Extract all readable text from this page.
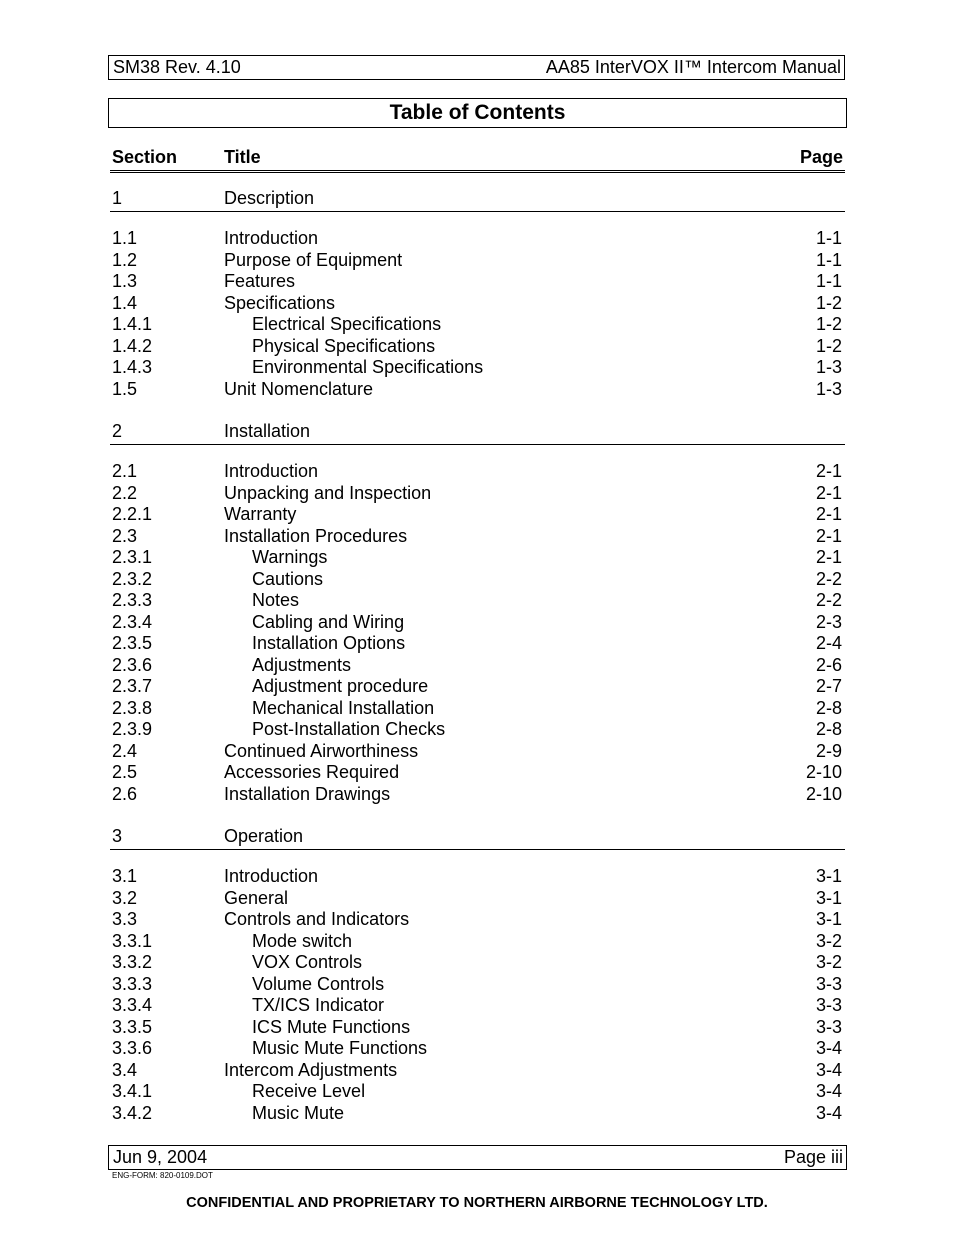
SM38 Rev. 4.10	AA85 InterVOX II™ Intercom Manual
Table of Contents
Section	Title	Page
1	Description
1.1	Introduction	1-1
1.2	Purpose of Equipment	1-1
1.3	Features	1-1
1.4	Specifications	1-2
1.4.1	Electrical Specifications	1-2
1.4.2	Physical Specifications	1-2
1.4.3	Environmental Specifications	1-3
1.5	Unit Nomenclature	1-3
2	Installation
2.1	Introduction	2-1
2.2	Unpacking and Inspection	2-1
2.2.1	Warranty	2-1
2.3	Installation Procedures	2-1
2.3.1	Warnings	2-1
2.3.2	Cautions	2-2
2.3.3	Notes	2-2
2.3.4	Cabling and Wiring	2-3
2.3.5	Installation Options	2-4
2.3.6	Adjustments	2-6
2.3.7	Adjustment procedure	2-7
2.3.8	Mechanical Installation	2-8
2.3.9	Post-Installation Checks	2-8
2.4	Continued Airworthiness	2-9
2.5	Accessories Required	2-10
2.6	Installation Drawings	2-10
3	Operation
3.1	Introduction	3-1
3.2	General	3-1
3.3	Controls and Indicators	3-1
3.3.1	Mode switch	3-2
3.3.2	VOX Controls	3-2
3.3.3	Volume Controls	3-3
3.3.4	TX/ICS Indicator	3-3
3.3.5	ICS Mute Functions	3-3
3.3.6	Music Mute Functions	3-4
3.4	Intercom Adjustments	3-4
3.4.1	Receive Level	3-4
3.4.2	Music Mute	3-4
Jun 9, 2004	Page iii
ENG-FORM: 820-0109.DOT
CONFIDENTIAL AND PROPRIETARY TO NORTHERN AIRBORNE TECHNOLOGY LTD.
